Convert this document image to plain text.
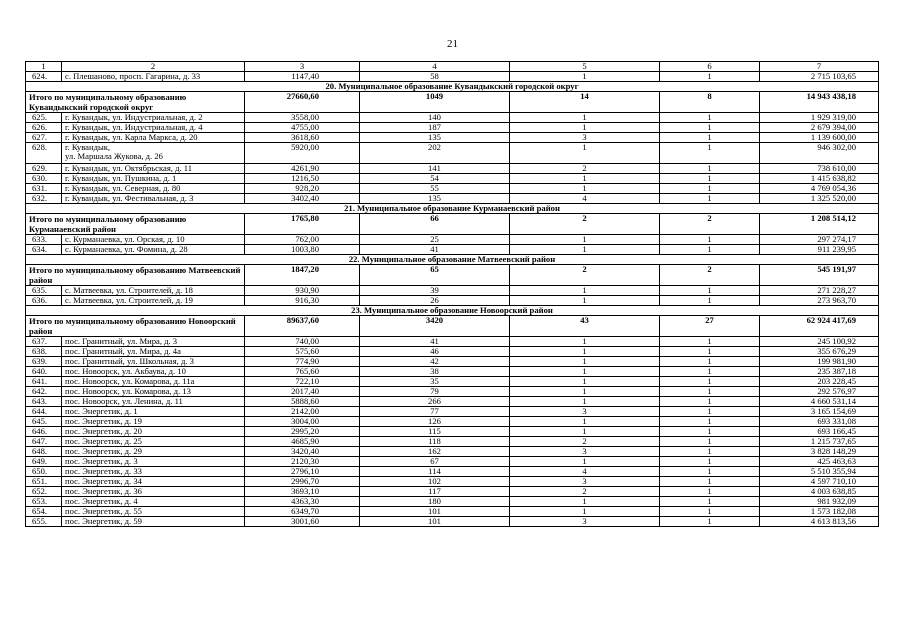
21
1	2	3	4	5	6	7
624.	с. Плешаново, просп. Гагарина, д. 33	1147,40	58	1	1	2 715 103,65
20. Муниципальное образование Кувандыкский городской округ						
Итого по муниципальному образованию Кувандыкский городской округ		27660,60	1049	14	8	14 943 438,18
625.	г. Кувандык, ул. Индустриальная, д. 2	3558,00	140	1	1	1 929 319,00
626.	г. Кувандык, ул. Индустриальная, д. 4	4755,00	187	1	1	2 679 394,00
627.	г. Кувандык, ул. Карла Маркса, д. 20	3618,60	135	3	1	1 139 600,00
628.	г. Кувандык,
ул. Маршала Жукова, д. 26	5920,00	202	1	1	946 302,00
629.	г. Кувандык, ул. Октябрьская, д. 11	4261,90	141	2	1	738 610,00
630.	г. Кувандык, ул. Пушкина, д. 1	1216,50	54	1	1	1 415 638,82
631.	г. Кувандык, ул. Северная, д. 80	928,20	55	1	1	4 769 054,36
632.	г. Кувандык, ул. Фестивальная, д. 3	3402,40	135	4	1	1 325 520,00
21. Муниципальное образование Курманаевский район						
Итого по муниципальному образованию Курманаевский район		1765,80	66	2	2	1 208 514,12
633.	с. Курманаевка, ул. Орская, д. 10	762,00	25	1	1	297 274,17
634.	с. Курманаевка, ул. Фомина, д. 28	1003,80	41	1	1	911 239,95
22. Муниципальное образование Матвеевский район						
Итого по муниципальному образованию Матвеевский район		1847,20	65	2	2	545 191,97
635.	с. Матвеевка, ул. Строителей, д. 18	930,90	39	1	1	271 228,27
636.	с. Матвеевка, ул. Строителей, д. 19	916,30	26	1	1	273 963,70
23. Муниципальное образование Новоорский район						
Итого по муниципальному образованию Новоорский район		89637,60	3420	43	27	62 924 417,69
637.	пос. Гранитный, ул. Мира, д. 3	740,00	41	1	1	245 100,92
638.	пос. Гранитный, ул. Мира, д. 4а	575,60	46	1	1	355 676,29
639.	пос. Гранитный, ул. Школьная, д. 3	774,90	42	1	1	199 981,90
640.	пос. Новоорск, ул. Акбаува, д. 10	765,60	38	1	1	235 387,18
641.	пос. Новоорск, ул. Комарова, д. 11а	722,10	35	1	1	203 228,45
642.	пос. Новоорск, ул. Комарова, д. 13	2017,40	79	1	1	292 576,97
643.	пос. Новоорск, ул. Ленина, д. 11	5888,60	266	1	1	4 660 531,14
644.	пос. Энергетик, д. 1	2142,00	77	3	1	3 165 154,69
645.	пос. Энергетик, д. 19	3004,00	126	1	1	693 331,08
646.	пос. Энергетик, д. 20	2995,20	115	1	1	693 166,45
647.	пос. Энергетик, д. 25	4685,90	118	2	1	1 215 737,65
648.	пос. Энергетик, д. 29	3420,40	162	3	1	3 828 148,29
649.	пос. Энергетик, д. 3	2120,30	67	1	1	425 463,63
650.	пос. Энергетик, д. 33	2796,10	114	4	1	5 510 355,94
651.	пос. Энергетик, д. 34	2996,70	102	3	1	4 597 710,10
652.	пос. Энергетик, д. 36	3693,10	117	2	1	4 003 638,85
653.	пос. Энергетик, д. 4	4363,30	180	1	1	981 932,09
654.	пос. Энергетик, д. 55	6349,70	101	1	1	1 573 182,08
655.	пос. Энергетик, д. 59	3001,60	101	3	1	4 613 813,56
